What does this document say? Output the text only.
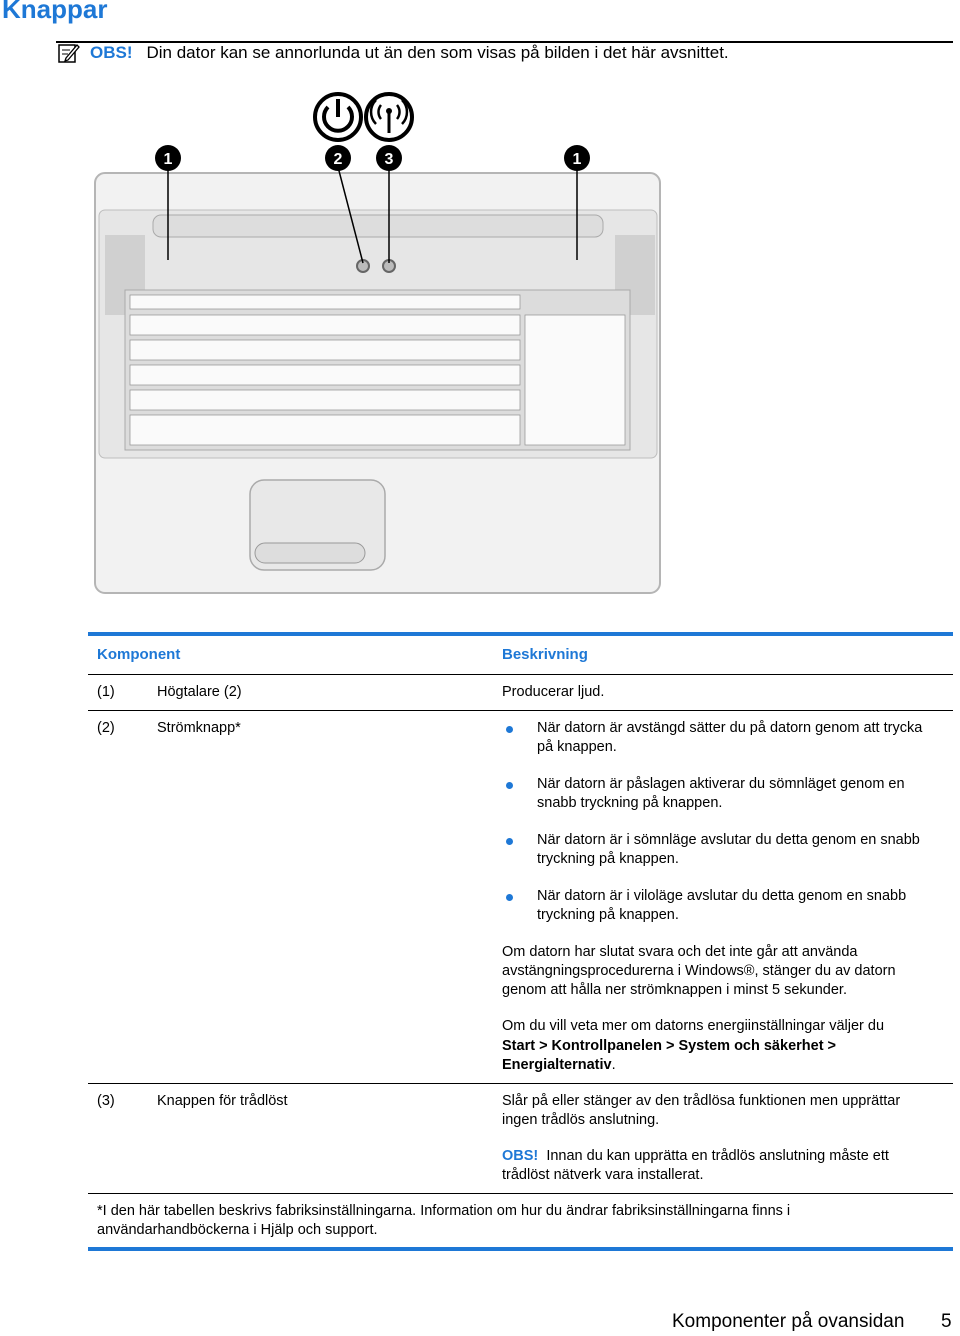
Knappar
OBS! Din dator kan se annorlunda ut än den som visas på bilden i det här avsnittet.
1	2	3	1
Komponent	Beskrivning
(1)	Högtalare (2)	Producerar ljud.
(2)	Strömknapp*	När datorn är avstängd sätter du på datorn genom att trycka
på knappen.
När datorn är påslagen aktiverar du sömnläget genom en
snabb tryckning på knappen.
När datorn är i sömnläge avslutar du detta genom en snabb
tryckning på knappen.
När datorn är i viloläge avslutar du detta genom en snabb
tryckning på knappen.
Om datorn har slutat svara och det inte går att använda
avstängningsprocedurerna i Windows®, stänger du av datorn
genom att hålla ner strömknappen i minst 5 sekunder.
Om du vill veta mer om datorns energiinställningar väljer du
Start > Kontrollpanelen > System och säkerhet >
Energialternativ.
(3)	Knappen för trådlöst	Slår på eller stänger av den trådlösa funktionen men upprättar
ingen trådlös anslutning.
OBS! Innan du kan upprätta en trådlös anslutning måste ett
trådlöst nätverk vara installerat.
*I den här tabellen beskrivs fabriksinställningarna. Information om hur du ändrar fabriksinställningarna finns i
användarhandböckerna i Hjälp och support.
Komponenter på ovansidan 5
